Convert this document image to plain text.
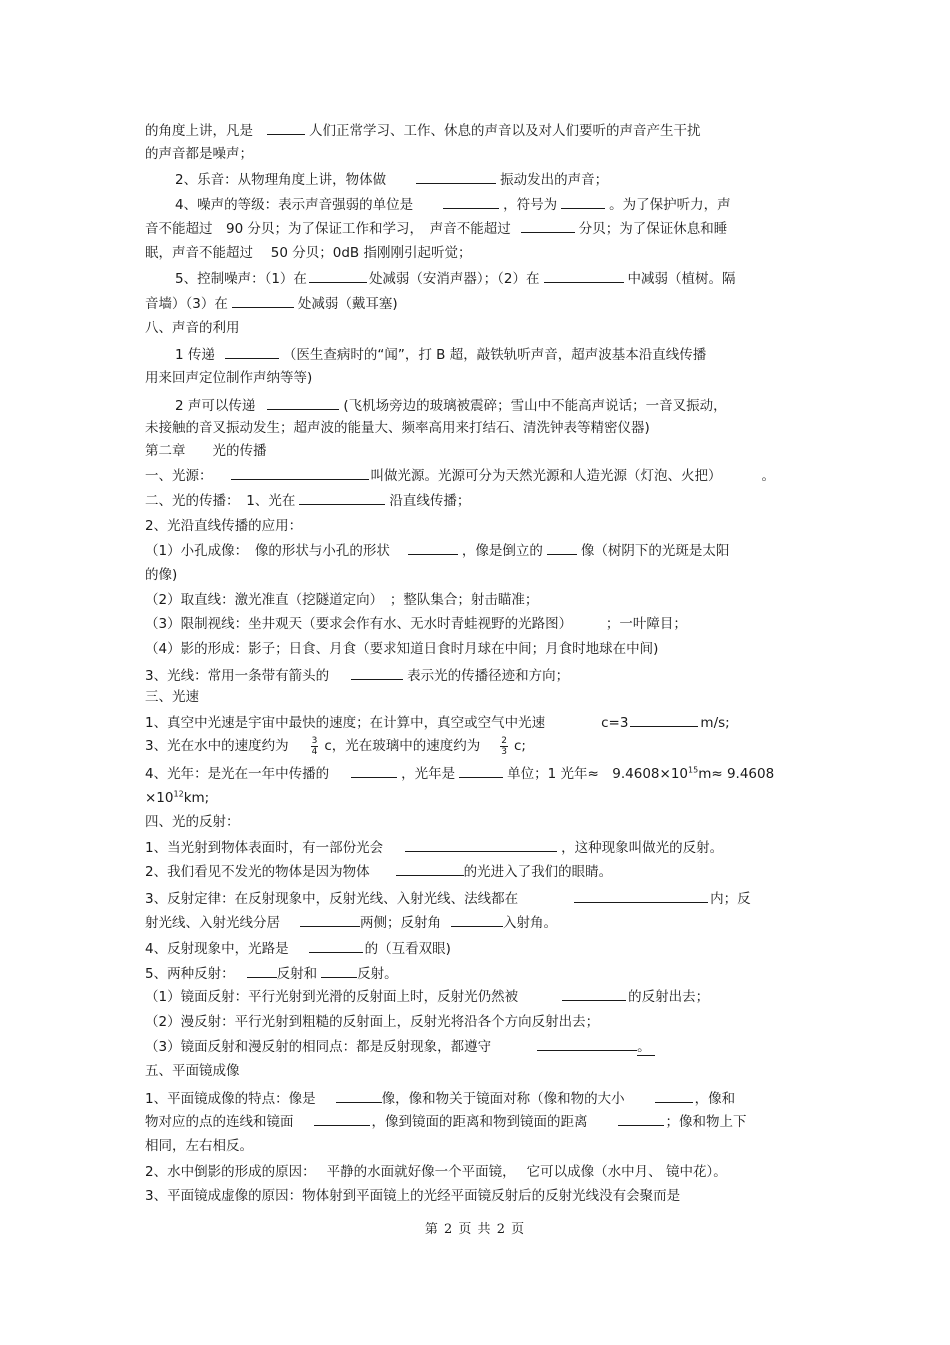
的角度上讲，凡是	人们正常学习、工作、休息的声音以及对人们要听的声音产生干扰
的声音都是噪声；
2、乐音：从物理角度上讲，物体做	振动发出的声音；
4、噪声的等级：表示声音强弱的单位是	，符号为	。为了保护听力，声
音不能超过　90 分贝；为了保证工作和学习，　声音不能超过	分贝；为了保证休息和睡
眠，声音不能超过　 50 分贝；0dB 指刚刚引起听觉；
5、控制噪声：（1）在	处减弱（安消声器）；（2）在	中减弱（植树。隔
音墙）（3）在	处减弱（戴耳塞)
八、声音的利用
1 传递	（医生查病时的“闻”，打 B 超，敲铁轨听声音，超声波基本沿直线传播
用来回声定位制作声纳等等)
2 声可以传递	(飞机场旁边的玻璃被震碎；雪山中不能高声说话；一音叉振动，
未接触的音叉振动发生；超声波的能量大、频率高用来打结石、清洗钟表等精密仪器)
第二章　　光的传播
一、光源：	叫做光源。光源可分为天然光源和人造光源（灯泡、火把）	。
二、光的传播：　1、光在	沿直线传播；
2、光沿直线传播的应用：
（1）小孔成像：　像的形状与小孔的形状	，像是倒立的	像（树阴下的光斑是太阳
的像)
（2）取直线：激光准直（挖隧道定向）　；整队集合；射击瞄准；
（3）限制视线：坐井观天（要求会作有水、无水时青蛙视野的光路图）　　　；一叶障目；
（4）影的形成：影子；日食、月食（要求知道日食时月球在中间；月食时地球在中间)
3、光线：常用一条带有箭头的	表示光的传播径迹和方向；
三、光速
1、真空中光速是宇宙中最快的速度；在计算中，真空或空气中光速	c=3	m/s;
3、光在水中的速度约为 $\frac{3}{4}$ c，光在玻璃中的速度约为 $\frac{2}{3} c$;
4、光年：是光在一年中传播的	，光年是	单位；1 光年≈　$9.4608\times 10^{15}m\approx 9.4608$
$\times 10^{12}km$;
四、光的反射：
1、当光射到物体表面时，有一部份光会	，这种现象叫做光的反射。
2、我们看见不发光的物体是因为物体	的光进入了我们的眼睛。
3、反射定律：在反射现象中，反射光线、入射光线、法线都在	内；反
射光线、入射光线分居	两侧；反射角	入射角。
4、反射现象中，光路是	的（互看双眼)
5、两种反射：	反射和	反射。
（1）镜面反射：平行光射到光滑的反射面上时，反射光仍然被	的反射出去；
（2）漫反射：平行光射到粗糙的反射面上，反射光将沿各个方向反射出去；
（3）镜面反射和漫反射的相同点：都是反射现象，都遵守	。
五、平面镜成像
1、平面镜成像的特点：像是	像，像和物关于镜面对称（像和物的大小	，像和
物对应的点的连线和镜面	，像到镜面的距离和物到镜面的距离	；像和物上下
相同，左右相反。
2、水中倒影的形成的原因：　 平静的水面就好像一个平面镜，　 它可以成像（水中月、 镜中花）。
3、平面镜成虚像的原因：物体射到平面镜上的光经平面镜反射后的反射光线没有会聚而是
第 2 页 共 2 页
